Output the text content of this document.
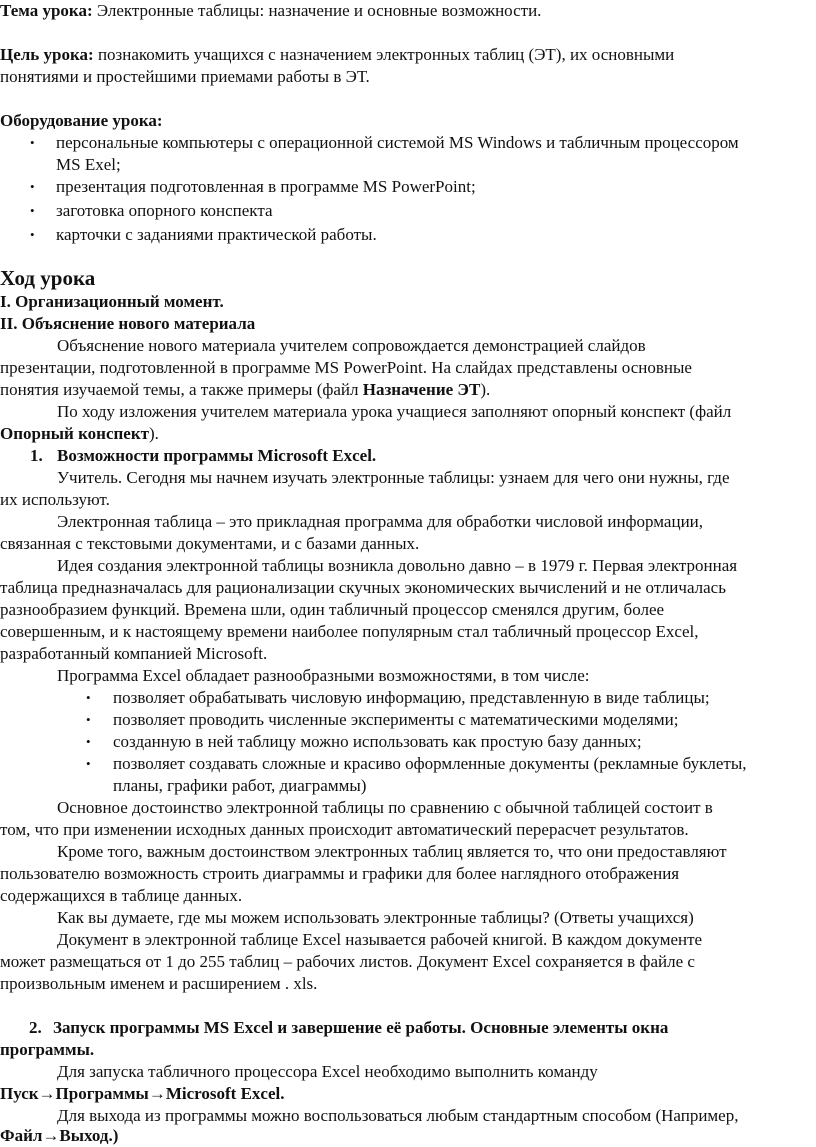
Тема урока: Электронные таблицы: назначение и основные возможности.
Цель урока: познакомить учащихся с назначением электронных таблиц (ЭТ), их основными
понятиями и простейшими приемами работы в ЭТ.
Оборудование урока:
• персональные компьютеры с операционной системой MS Windows и табличным процессором
MS Exel;
• презентация подготовленная в программе MS PowerPoint;
• заготовка опорного конспекта
• карточки с заданиями практической работы.
Ход урока
I. Организационный момент.
II. Объяснение нового материала
Объяснение нового материала учителем сопровождается демонстрацией слайдов
презентации, подготовленной в программе MS PowerPoint. На слайдах представлены основные
понятия изучаемой темы, а также примеры (файл Назначение ЭТ).
По ходу изложения учителем материала урока учащиеся заполняют опорный конспект (файл
Опорный конспект).
1. Возможности программы Microsoft Excel.
Учитель. Сегодня мы начнем изучать электронные таблицы: узнаем для чего они нужны, где
их используют.
Электронная таблица – это прикладная программа для обработки числовой информации,
связанная с текстовыми документами, и с базами данных.
Идея создания электронной таблицы возникла довольно давно – в 1979 г. Первая электронная
таблица предназначалась для рационализации скучных экономических вычислений и не отличалась
разнообразием функций. Времена шли, один табличный процессор сменялся другим, более
совершенным, и к настоящему времени наиболее популярным стал табличный процессор Excel,
разработанный компанией Microsoft.
Программа Excel обладает разнообразными возможностями, в том числе:
• позволяет обрабатывать числовую информацию, представленную в виде таблицы;
• позволяет проводить численные эксперименты с математическими моделями;
• созданную в ней таблицу можно использовать как простую базу данных;
• позволяет создавать сложные и красиво оформленные документы (рекламные буклеты,
планы, графики работ, диаграммы)
Основное достоинство электронной таблицы по сравнению с обычной таблицей состоит в
том, что при изменении исходных данных происходит автоматический перерасчет результатов.
Кроме того, важным достоинством электронных таблиц является то, что они предоставляют
пользователю возможность строить диаграммы и графики для более наглядного отображения
содержащихся в таблице данных.
Как вы думаете, где мы можем использовать электронные таблицы? (Ответы учащихся)
Документ в электронной таблице Excel называется рабочей книгой. В каждом документе
может размещаться от 1 до 255 таблиц – рабочих листов. Документ Excel сохраняется в файле с
произвольным именем и расширением . xls.
2. Запуск программы MS Excel и завершение её работы. Основные элементы окна
программы.
Для запуска табличного процессора Excel необходимо выполнить команду
Пуск→Программы→Microsoft Excel.
Для выхода из программы можно воспользоваться любым стандартным способом (Например,
Файл→Выход.)
